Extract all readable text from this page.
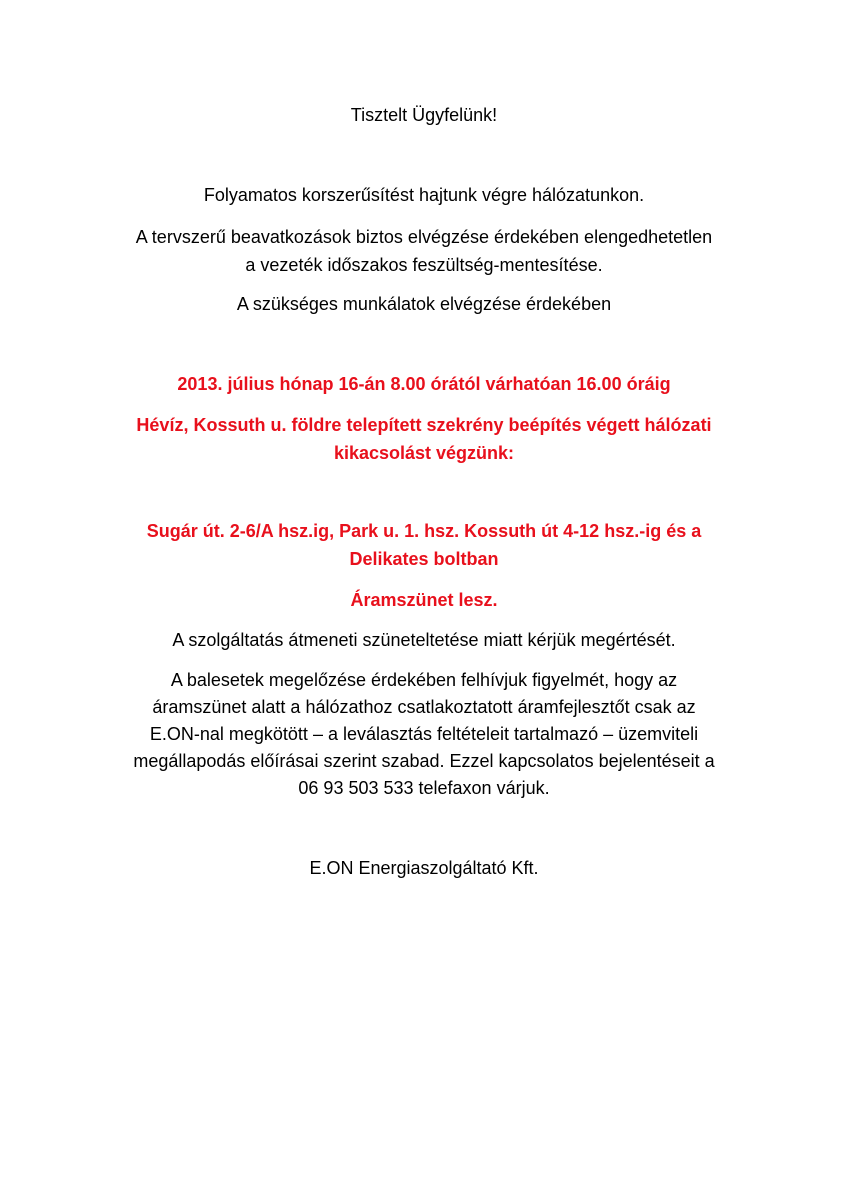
Tisztelt Ügyfelünk!
Folyamatos korszerűsítést hajtunk végre hálózatunkon.
A tervszerű beavatkozások biztos elvégzése érdekében elengedhetetlen
a vezeték időszakos feszültség-mentesítése.
A szükséges munkálatok elvégzése érdekében
2013. július hónap 16-án 8.00 órától várhatóan 16.00 óráig
Hévíz, Kossuth u. földre telepített szekrény beépítés végett hálózati
kikacsolást végzünk:
Sugár út. 2-6/A hsz.ig, Park u. 1. hsz. Kossuth út 4-12 hsz.-ig és a
Delikates boltban
Áramszünet lesz.
A szolgáltatás átmeneti szüneteltetése miatt kérjük megértését.
A balesetek megelőzése érdekében felhívjuk figyelmét, hogy az
áramszünet alatt a hálózathoz csatlakoztatott áramfejlesztőt csak az
E.ON-nal megkötött – a leválasztás feltételeit tartalmazó – üzemviteli
megállapodás előírásai szerint szabad. Ezzel kapcsolatos bejelentéseit a
06 93 503 533 telefaxon várjuk.
E.ON Energiaszolgáltató Kft.
